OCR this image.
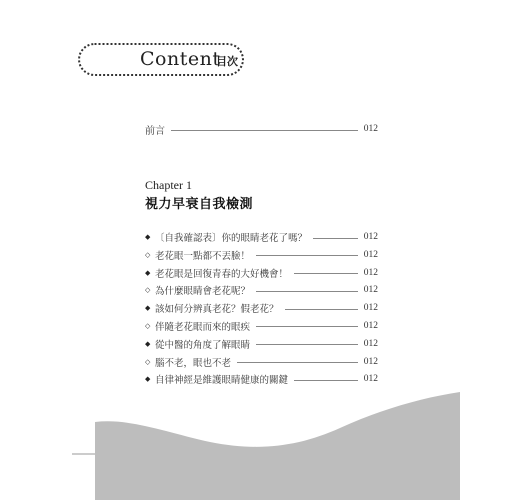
Content
目次
前言	012
Chapter 1
視力早衰自我檢測
◆ 〔自我確認表〕你的眼睛老花了嗎？	012
◇ 老花眼一點都不丟臉！	012
◆ 老花眼是回復青春的大好機會！	012
◇ 為什麼眼睛會老花呢？	012
◆ 該如何分辨真老花？假老花？	012
◇ 伴隨老花眼而來的眼疾	012
◆ 從中醫的角度了解眼睛	012
◇ 腦不老，眼也不老	012
◆ 自律神經是維護眼睛健康的關鍵	012
